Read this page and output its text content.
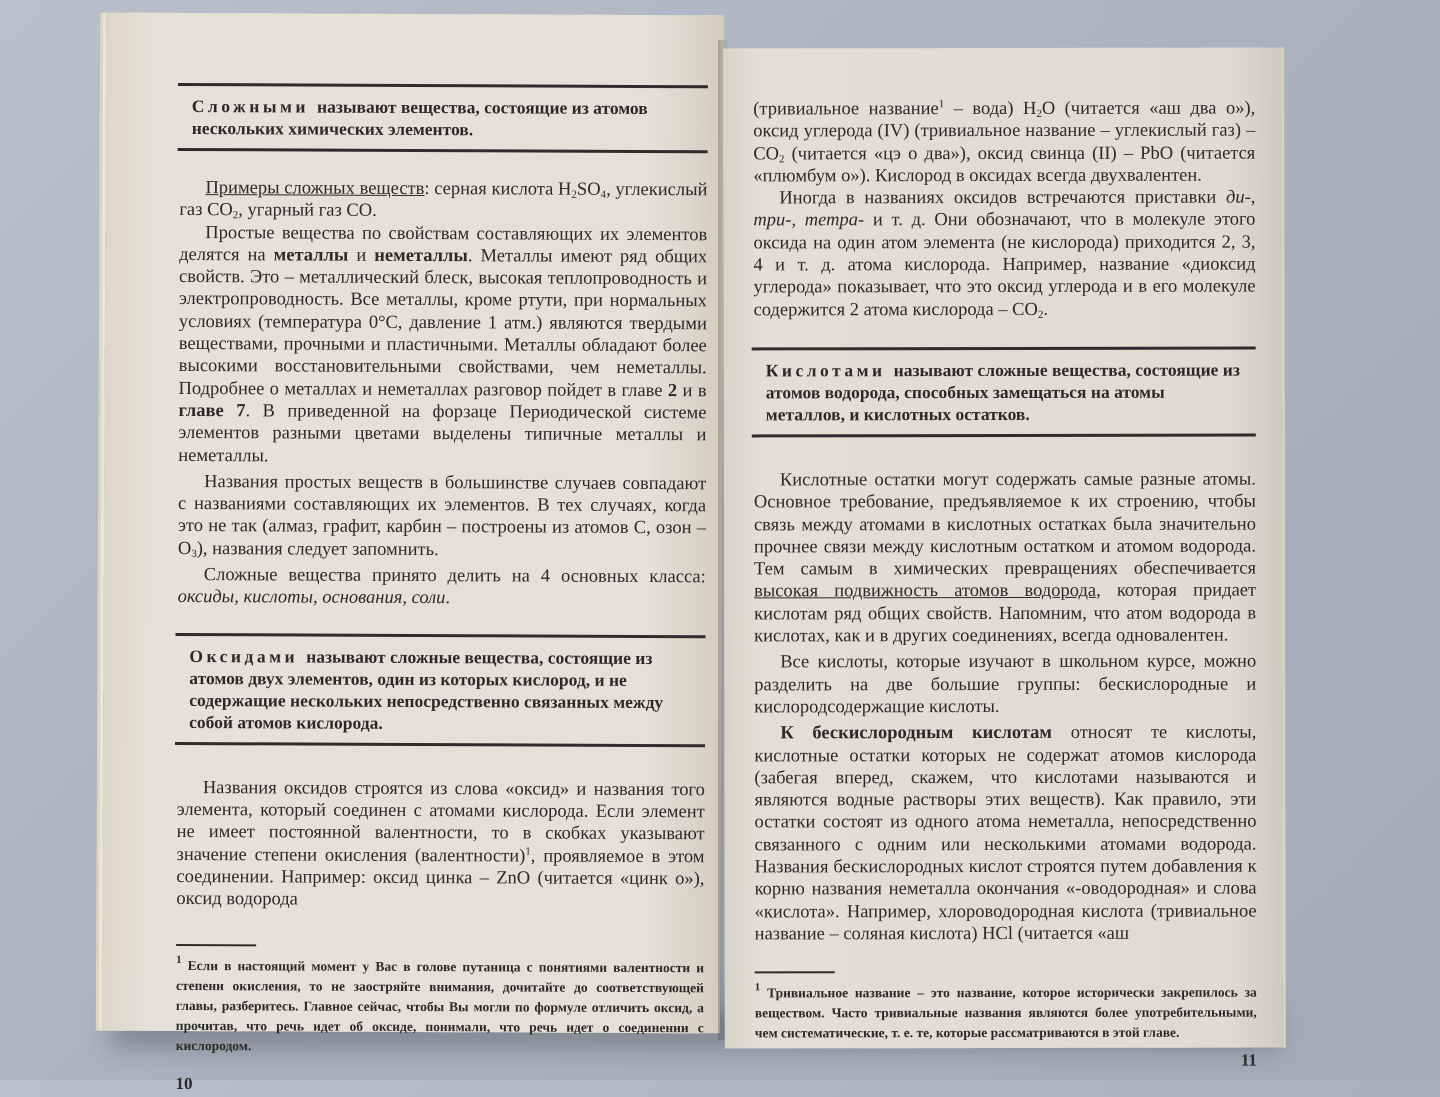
Сложными называют вещества, состоящие из атомов нескольких химических элементов.

Примеры сложных веществ: серная кислота $H_2SO_4$, углекислый газ $CO_2$, угарный газ CO.

Простые вещества по свойствам составляющих их элементов делятся на металлы и неметаллы. Металлы имеют ряд общих свойств. Это – металлический блеск, высокая теплопроводность и электропроводность. Все металлы, кроме ртути, при нормальных условиях (температура 0°C, давление 1 атм.) являются твердыми веществами, прочными и пластичными. Металлы обладают более высокими восстановительными свойствами, чем неметаллы. Подробнее о металлах и неметаллах разговор пойдет в главе 2 и в главе 7. В приведенной на форзаце Периодической системе элементов разными цветами выделены типичные металлы и неметаллы.

Названия простых веществ в большинстве случаев совпадают с названиями составляющих их элементов. В тех случаях, когда это не так (алмаз, графит, карбин – построены из атомов C, озон – $O_3$), названия следует запомнить.

Сложные вещества принято делить на 4 основных класса: оксиды, кислоты, основания, соли.

Оксидами называют сложные вещества, состоящие из атомов двух элементов, один из которых кислород, и не содержащие нескольких непосредственно связанных между собой атомов кислорода.

Названия оксидов строятся из слова «оксид» и названия того элемента, который соединен с атомами кислорода. Если элемент не имеет постоянной валентности, то в скобках указывают значение степени окисления (валентности)$^1$, проявляемое в этом соединении. Например: оксид цинка – ZnO (читается «цинк о»), оксид водорода

$^1$ Если в настоящий момент у Вас в голове путаница с понятиями валентности и степени окисления, то не заостряйте внимания, дочитайте до соответствующей главы, разберитесь. Главное сейчас, чтобы Вы могли по формуле отличить оксид, а прочитав, что речь идет об оксиде, понимали, что речь идет о соединении с кислородом.

10

(тривиальное название$^1$ – вода) $H_2O$ (читается «аш два о»), оксид углерода (IV) (тривиальное название – углекислый $газ) - CO_2$ (читается «цэ о два»), оксид свинца (II) – PbO (читается «плюмбум о»). Кислород в оксидах всегда двухвалентен.

Иногда в названиях оксидов встречаются приставки ди-, три-, тетра- и т. д. Они обозначают, что в молекуле этого оксида на один атом элемента (не кислорода) приходится 2, 3, 4 и т. д. атома кислорода. Например, название «диоксид углерода» показывает, что это оксид углерода и в его молекуле содержится 2 атома кислорода – $CO_2$.

Кислотами называют сложные вещества, состоящие из атомов водорода, способных замещаться на атомы металлов, и кислотных остатков.

Кислотные остатки могут содержать самые разные атомы. Основное требование, предъявляемое к их строению, чтобы связь между атомами в кислотных остатках была значительно прочнее связи между кислотным остатком и атомом водорода. Тем самым в химических превращениях обеспечивается высокая подвижность атомов водорода, которая придает кислотам ряд общих свойств. Напомним, что атом водорода в кислотах, как и в других соединениях, всегда одновалентен.

Все кислоты, которые изучают в школьном курсе, можно разделить на две большие группы: бескислородные и кислородсодержащие кислоты.

К бескислородным кислотам относят те кислоты, кислотные остатки которых не содержат атомов кислорода (забегая вперед, скажем, что кислотами называются и являются водные растворы этих веществ). Как правило, эти остатки состоят из одного атома неметалла, непосредственно связанного с одним или несколькими атомами водорода. Названия бескислородных кислот строятся путем добавления к корню названия неметалла окончания «-оводородная» и слова «кислота». Например, хлороводородная кислота (тривиальное название – соляная кислота) HCl (читается «аш

$^1$ Тривиальное название – это название, которое исторически закрепилось за веществом. Часто тривиальные названия являются более употребительными, чем систематические, т. е. те, которые рассматриваются в этой главе.

11
